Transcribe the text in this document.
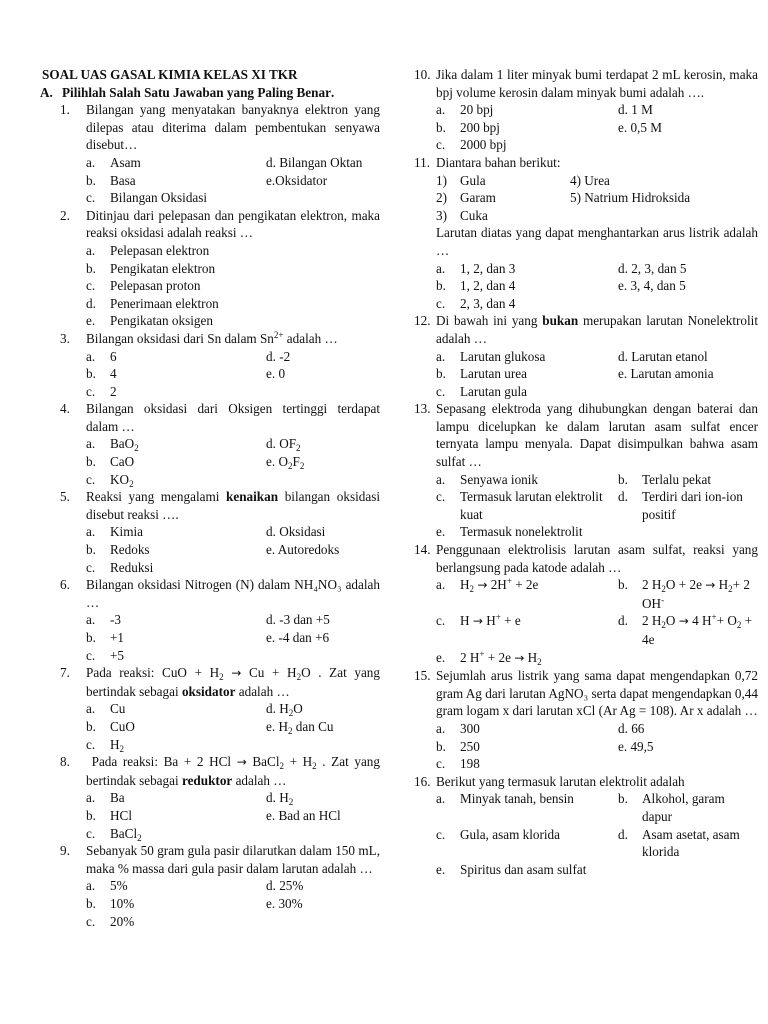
SOAL UAS GASAL KIMIA KELAS XI TKR
A. Pilihlah Salah Satu Jawaban yang Paling Benar .
1.	Bilangan yang menyatakan banyaknya elektron yang dilepas atau diterima dalam pembentukan senyawa disebut…
a.	Asam	d. Bilangan Oktan
b.	Basa	e.Oksidator
c.	Bilangan Oksidasi
2.	Ditinjau dari pelepasan dan pengikatan elektron, maka reaksi oksidasi adalah reaksi …
a.	Pelepasan elektron
b.	Pengikatan elektron
c.	Pelepasan proton
d.	Penerimaan elektron
e.	Pengikatan oksigen
3.	Bilangan oksidasi dari Sn dalam $Sn^{2+}$ adalah …
a.	6	d. -2
b.	4	e. 0
c.	2
4.	Bilangan oksidasi dari Oksigen tertinggi terdapat dalam …
a.	BaO$_2$	d. $OF_2$
b.	CaO	e. $O_2F_2$
c.	$KO_2$
5.	Reaksi yang mengalami kenaikan bilangan oksidasi disebut reaksi ….
a.	Kimia	d. Oksidasi
b.	Redoks	e. Autoredoks
c.	Reduksi
6.	Bilangan oksidasi Nitrogen (N) dalam NH₄NO₃ adalah …
a.	-3	d. -3 dan +5
b.	+1	e. -4 dan +6
c.	+5
7.	Pada reaksi: CuO + $H_2 \to Cu + H_2O$ . Zat yang bertindak sebagai oksidator adalah …
a.	Cu	d. $H_2O$
b.	CuO	e. $H_2$ dan Cu
c.	$H_2$
8.	Pada reaksi: Ba + 2 HCl → BaCl$_2$ + $H_2$ . Zat yang bertindak sebagai reduktor adalah …
a.	Ba	d. $H_2$
b.	HCl	e. Bad an HCl
c.	BaCl$_2$
9.	Sebanyak 50 gram gula pasir dilarutkan dalam 150 mL, maka % massa dari gula pasir dalam larutan adalah …
a.	5%	d. 25%
b.	10%	e. 30%
c.	20%
10. Jika dalam 1 liter minyak bumi terdapat 2 mL kerosin, maka bpj volume kerosin dalam minyak bumi adalah ….
a.	20 bpj	d. 1 M
b.	200 bpj	e. 0,5 M
c.	2000 bpj
11. Diantara bahan berikut:
1) Gula	4) Urea
2) Garam	5) Natrium Hidroksida
3) Cuka
Larutan diatas yang dapat menghantarkan arus listrik adalah …
a.	1, 2, dan 3	d. 2, 3, dan 5
b.	1, 2, dan 4	e. 3, 4, dan 5
c.	2, 3, dan 4
12. Di bawah ini yang bukan merupakan larutan Nonelektrolit adalah …
a.	Larutan glukosa	d. Larutan etanol
b.	Larutan urea	e. Larutan amonia
c.	Larutan gula
13. Sepasang elektroda yang dihubungkan dengan baterai dan lampu dicelupkan ke dalam larutan asam sulfat encer ternyata lampu menyala. Dapat disimpulkan bahwa asam sulfat …
a.	Senyawa ionik	b.	Terlalu pekat
c.	Termasuk larutan elektrolit kuat
d.	Terdiri dari ion-ion positif
e.	Termasuk nonelektrolit
14. Penggunaan elektrolisis larutan asam sulfat, reaksi yang berlangsung pada katode adalah …
a.	$H_2 \to 2H^+ + 2e$	b.	2 $H_2O + 2e \to H_2+ 2$ OH-
c.	H → H+ + e	d.	2 $H_2O \to 4$ $H^++ O_2 + 4e$
e.	2 $H^+ + 2e \to H_2$
15. Sejumlah arus listrik yang sama dapat mengendapkan 0,72 gram Ag dari larutan AgNO₃ serta dapat mengendapkan 0,44 gram logam x dari larutan xCl (Ar Ag = 108). Ar x adalah …
a.	300	d. 66
b.	250	e. 49,5
c.	198
16. Berikut yang termasuk larutan elektrolit adalah
a.	Minyak tanah, bensin	b.	Alkohol, garam dapur
c.	Gula, asam klorida	d.	Asam asetat, asam klorida
e.	Spiritus dan asam sulfat
